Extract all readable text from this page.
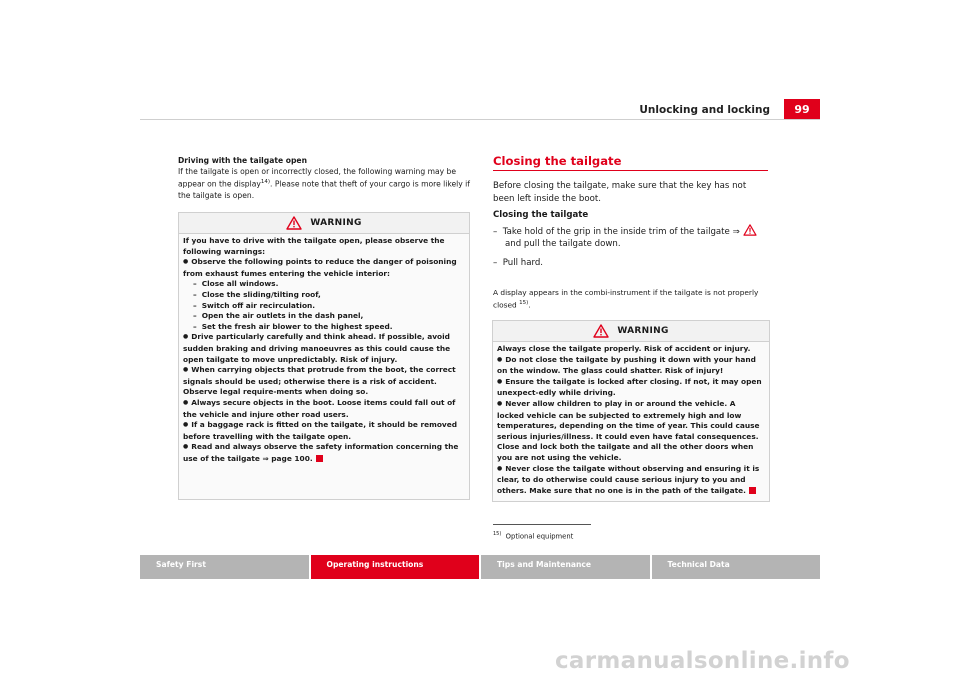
Unlocking and locking	99
Driving with the tailgate open
If the tailgate is open or incorrectly closed, the following warning may be appear on the display$^{14)}$. Please note that theft of your cargo is more likely if the tailgate is open.
WARNING

If you have to drive with the tailgate open, please observe the following warnings:

● Observe the following points to reduce the danger of poisoning from exhaust fumes entering the vehicle interior:

– Close all windows.

– Close the sliding/tilting roof,

– Switch off air recirculation.

– Open the air outlets in the dash panel,

– Set the fresh air blower to the highest speed.

● Drive particularly carefully and think ahead. If possible, avoid sudden braking and driving manoeuvres as this could cause the open tailgate to move unpredictably. Risk of injury.

● When carrying objects that protrude from the boot, the correct signals should be used; otherwise there is a risk of accident. Observe legal require-ments when doing so.

● Always secure objects in the boot. Loose items could fall out of the vehicle and injure other road users.

● If a baggage rack is fitted on the tailgate, it should be removed before travelling with the tailgate open.

● Read and always observe the safety information concerning the use of the tailgate ⇒ page 100.

Closing the tailgate
Before closing the tailgate, make sure that the key has not been left inside the boot.
Closing the tailgate
–  Take hold of the grip in the inside trim of the tailgate ⇒
and pull the tailgate down.
–  Pull hard.
A display appears in the combi-instrument if the tailgate is not properly closed $^{15)}$.
WARNING

Always close the tailgate properly. Risk of accident or injury.

● Do not close the tailgate by pushing it down with your hand on the window. The glass could shatter. Risk of injury!

● Ensure the tailgate is locked after closing. If not, it may open unexpect-edly while driving.

● Never allow children to play in or around the vehicle. A locked vehicle can be subjected to extremely high and low temperatures, depending on the time of year. This could cause serious injuries/illness. It could even have fatal consequences. Close and lock both the tailgate and all the other doors when you are not using the vehicle.

● Never close the tailgate without observing and ensuring it is clear, to do otherwise could cause serious injury to you and others. Make sure that no one is in the path of the tailgate.

$^{15)}$ Optional equipment
Safety First	Operating instructions	Tips and Maintenance	Technical Data
carmanualsonline.info
